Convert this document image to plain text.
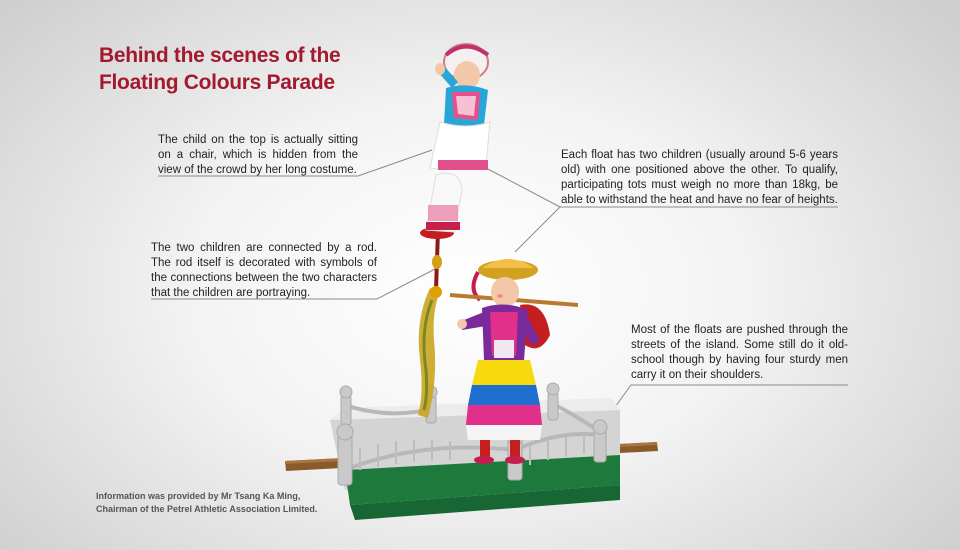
Behind the scenes of the
Floating Colours Parade

The child on the top is actually sitting on a chair, which is hidden from the view of the crowd by her long costume.

Each float has two children (usually around 5-6 years old) with one positioned above the other. To qualify, participating tots must weigh no more than 18kg, be able to withstand the heat and have no fear of heights.

The two children are connected by a rod. The rod itself is decorated with symbols of the connections between the two characters that the children are portraying.

Most of the floats are pushed through the streets of the island. Some still do it old-school though by having four sturdy men carry it on their shoulders.

Information was provided by Mr Tsang Ka Ming,
Chairman of the Petrel Athletic Association Limited.
